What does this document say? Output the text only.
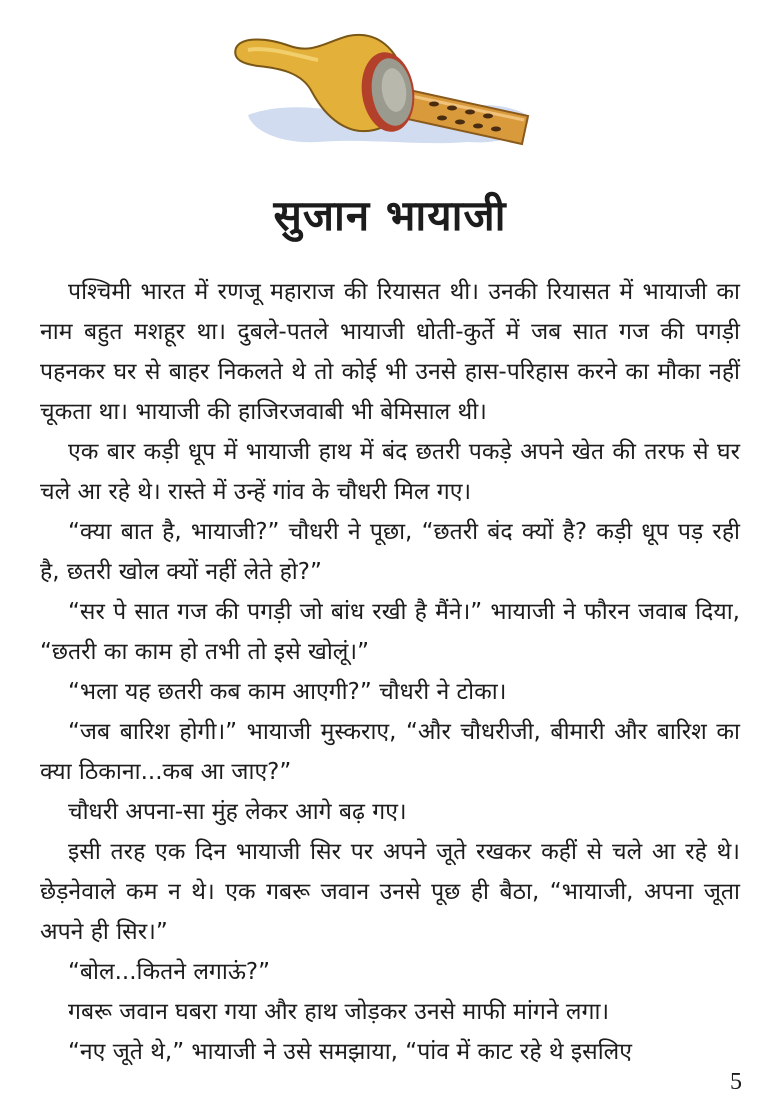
सुजान भायाजी

पश्चिमी भारत में रणजू महाराज की रियासत थी। उनकी रियासत में भायाजी का नाम बहुत मशहूर था। दुबले-पतले भायाजी धोती-कुर्ते में जब सात गज की पगड़ी पहनकर घर से बाहर निकलते थे तो कोई भी उनसे हास-परिहास करने का मौका नहीं चूकता था। भायाजी की हाजिरजवाबी भी बेमिसाल थी।

एक बार कड़ी धूप में भायाजी हाथ में बंद छतरी पकड़े अपने खेत की तरफ से घर चले आ रहे थे। रास्ते में उन्हें गांव के चौधरी मिल गए।

“क्या बात है, भायाजी?” चौधरी ने पूछा, “छतरी बंद क्यों है? कड़ी धूप पड़ रही है, छतरी खोल क्यों नहीं लेते हो?”

“सर पे सात गज की पगड़ी जो बांध रखी है मैंने।” भायाजी ने फौरन जवाब दिया, “छतरी का काम हो तभी तो इसे खोलूं।”

“भला यह छतरी कब काम आएगी?” चौधरी ने टोका।

“जब बारिश होगी।” भायाजी मुस्कराए, “और चौधरीजी, बीमारी और बारिश का क्या ठिकाना...कब आ जाए?”

चौधरी अपना-सा मुंह लेकर आगे बढ़ गए।

इसी तरह एक दिन भायाजी सिर पर अपने जूते रखकर कहीं से चले आ रहे थे। छेड़नेवाले कम न थे। एक गबरू जवान उनसे पूछ ही बैठा, “भायाजी, अपना जूता अपने ही सिर।”

“बोल...कितने लगाऊं?”

गबरू जवान घबरा गया और हाथ जोड़कर उनसे माफी मांगने लगा।

“नए जूते थे,” भायाजी ने उसे समझाया, “पांव में काट रहे थे इसलिए

5
